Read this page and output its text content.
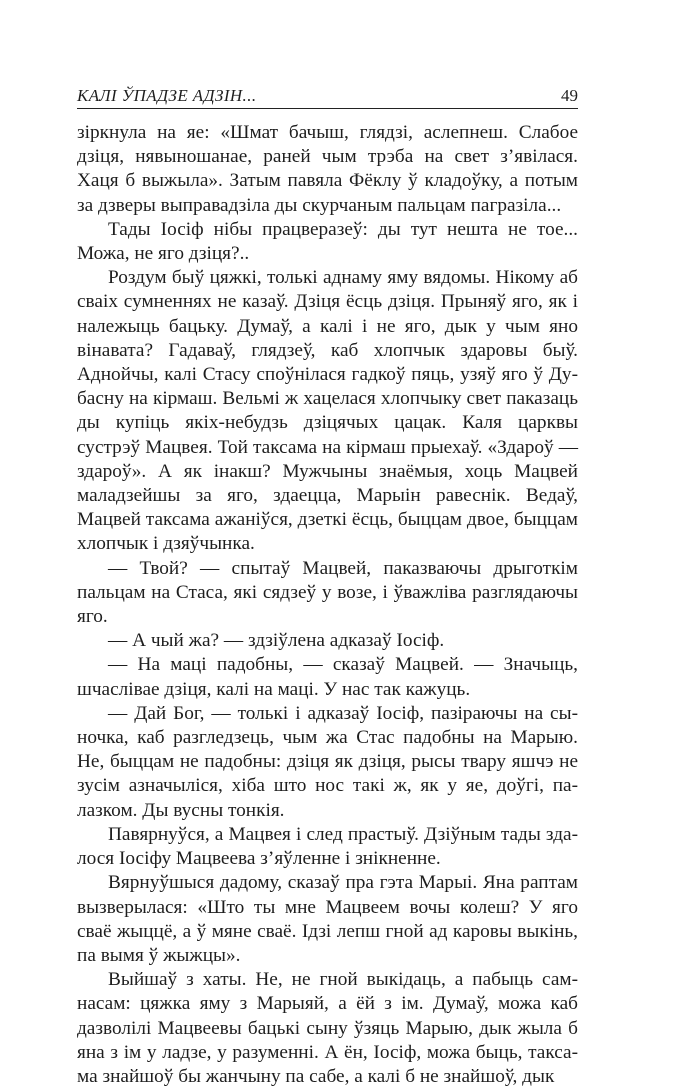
КАЛІ ЎПАДЗЕ АДЗІН...	49

зіркнула на яе: «Шмат бачыш, глядзі, аслепнеш. Слабое дзіця, нявыношанае, раней чым трэба на свет з’явілася. Хаця б выжыла». Затым павяла Фёклу ў кладоўку, а потым за дзверы выправадзіла ды скурчаным пальцам пагразіла...

Тады Іосіф нібы працверазеў: ды тут нешта не тое... Можа, не яго дзіця?..

Роздум быў цяжкі, толькі аднаму яму вядомы. Нікому аб сваіх сумненнях не казаў. Дзіця ёсць дзіця. Прыняў яго, як і належыць бацьку. Думаў, а калі і не яго, дык у чым яно вінавата? Гадаваў, глядзеў, каб хлопчык здаровы быў. Аднойчы, калі Стасу споўнілася гадкоў пяць, узяў яго ў Дубасну на кірмаш. Вельмі ж хацелася хлопчыку свет паказаць ды купіць якіх-небудзь дзіцячых цацак. Каля царквы сустрэў Мацвея. Той таксама на кірмаш прыехаў. «Здароў — здароў». А як інакш? Мужчыны знаёмыя, хоць Мацвей маладзейшы за яго, здаецца, Марыін равеснік. Ведаў, Мацвей таксама ажаніўся, дзеткі ёсць, быццам двое, быццам хлопчык і дзяўчынка.

— Твой? — спытаў Мацвей, паказваючы дрыготкім пальцам на Стаса, які сядзеў у возе, і ўважліва разглядаючы яго.

— А чый жа? — здзіўлена адказаў Іосіф.

— На маці падобны, — сказаў Мацвей. — Значыць, шчаслівае дзіця, калі на маці. У нас так кажуць.

— Дай Бог, — толькі і адказаў Іосіф, пазіраючы на сыночка, каб разгледзець, чым жа Стас падобны на Марыю. Не, быццам не падобны: дзіця як дзіця, рысы твару яшчэ не зусім азначыліся, хіба што нос такі ж, як у яе, доўгі, палазком. Ды вусны тонкія.

Павярнуўся, а Мацвея і след прастыў. Дзіўным тады здалося Іосіфу Мацвеева з’яўленне і знікненне.

Вярнуўшыся дадому, сказаў пра гэта Марыі. Яна раптам вызверылася: «Што ты мне Мацвеем вочы колеш? У яго сваё жыццё, а ў мяне сваё. Ідзі лепш гной ад каровы выкінь, па вымя ў жыжцы».

Выйшаў з хаты. Не, не гной выкідаць, а пабыць самнасам: цяжка яму з Марыяй, а ёй з ім. Думаў, можа каб дазволілі Мацвеевы бацькі сыну ўзяць Марыю, дык жыла б яна з ім у ладзе, у разуменні. А ён, Іосіф, можа быць, таксама знайшоў бы жанчыну па сабе, а калі б не знайшоў, дык
